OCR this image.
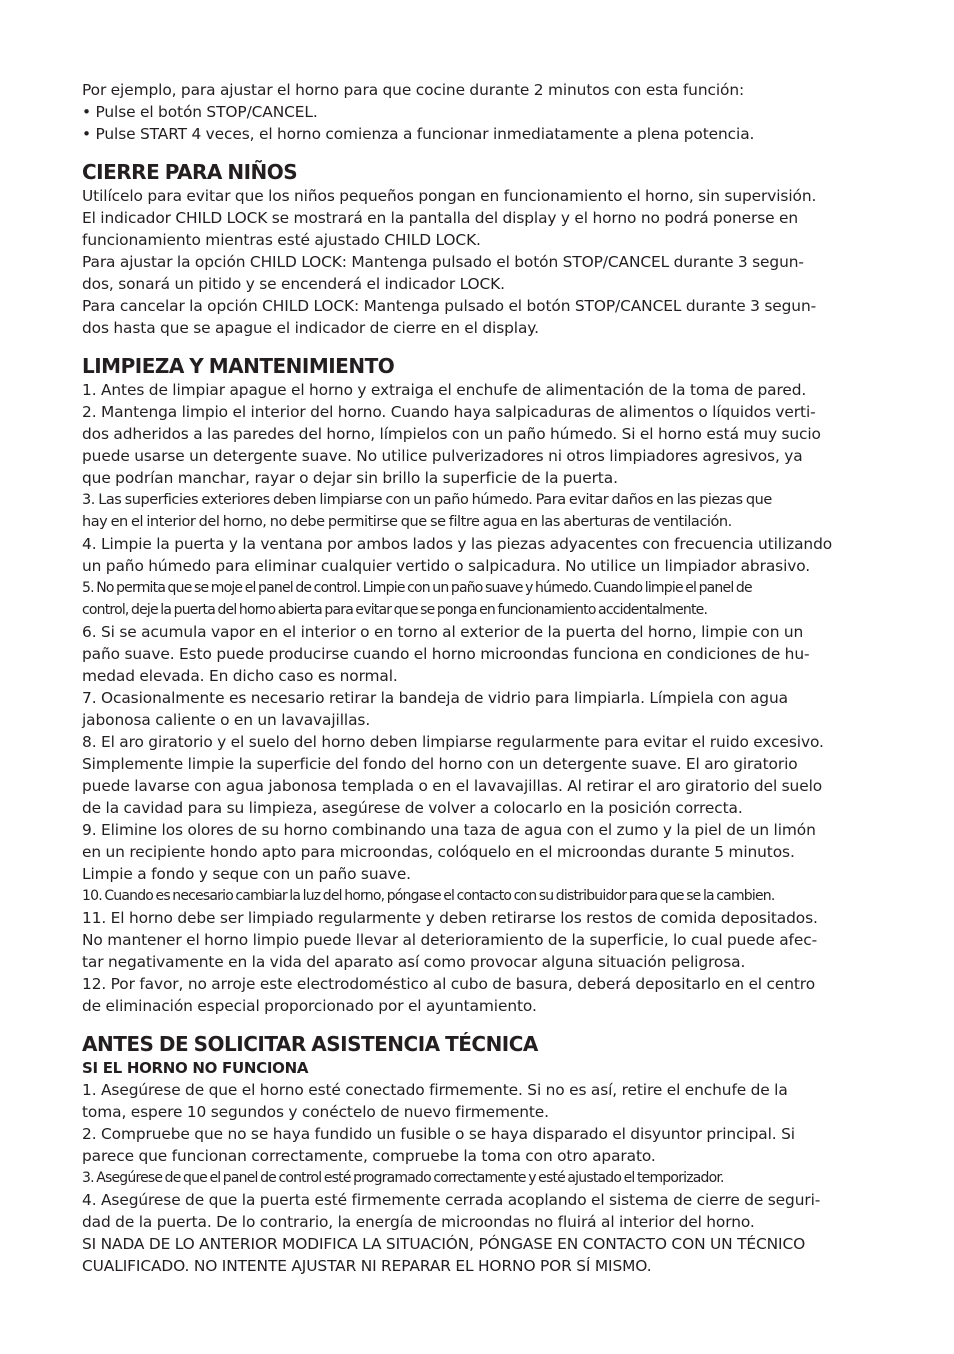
Por ejemplo, para ajustar el horno para que cocine durante 2 minutos con esta función:
• Pulse el botón STOP/CANCEL.
• Pulse START 4 veces, el horno comienza a funcionar inmediatamente a plena potencia.
CIERRE PARA NIÑOS
Utilícelo para evitar que los niños pequeños pongan en funcionamiento el horno, sin supervisión.
El indicador CHILD LOCK se mostrará en la pantalla del display y el horno no podrá ponerse en
funcionamiento mientras esté ajustado CHILD LOCK.
Para ajustar la opción CHILD LOCK: Mantenga pulsado el botón STOP/CANCEL durante 3 segun-
dos, sonará un pitido y se encenderá el indicador LOCK.
Para cancelar la opción CHILD LOCK: Mantenga pulsado el botón STOP/CANCEL durante 3 segun-
dos hasta que se apague el indicador de cierre en el display.
LIMPIEZA Y MANTENIMIENTO
1. Antes de limpiar apague el horno y extraiga el enchufe de alimentación de la toma de pared.
2. Mantenga limpio el interior del horno. Cuando haya salpicaduras de alimentos o líquidos verti-
dos adheridos a las paredes del horno, límpielos con un paño húmedo. Si el horno está muy sucio
puede usarse un detergente suave. No utilice pulverizadores ni otros limpiadores agresivos, ya
que podrían manchar, rayar o dejar sin brillo la superficie de la puerta.
3. Las superficies exteriores deben limpiarse con un paño húmedo. Para evitar daños en las piezas que
hay en el interior del horno, no debe permitirse que se filtre agua en las aberturas de ventilación.
4. Limpie la puerta y la ventana por ambos lados y las piezas adyacentes con frecuencia utilizando
un paño húmedo para eliminar cualquier vertido o salpicadura. No utilice un limpiador abrasivo.
5. No permita que se moje el panel de control. Limpie con un paño suave y húmedo. Cuando limpie el panel de
control, deje la puerta del horno abierta para evitar que se ponga en funcionamiento accidentalmente.
6. Si se acumula vapor en el interior o en torno al exterior de la puerta del horno, limpie con un
paño suave. Esto puede producirse cuando el horno microondas funciona en condiciones de hu-
medad elevada. En dicho caso es normal.
7. Ocasionalmente es necesario retirar la bandeja de vidrio para limpiarla. Límpiela con agua
jabonosa caliente o en un lavavajillas.
8. El aro giratorio y el suelo del horno deben limpiarse regularmente para evitar el ruido excesivo.
Simplemente limpie la superficie del fondo del horno con un detergente suave. El aro giratorio
puede lavarse con agua jabonosa templada o en el lavavajillas. Al retirar el aro giratorio del suelo
de la cavidad para su limpieza, asegúrese de volver a colocarlo en la posición correcta.
9. Elimine los olores de su horno combinando una taza de agua con el zumo y la piel de un limón
en un recipiente hondo apto para microondas, colóquelo en el microondas durante 5 minutos.
Limpie a fondo y seque con un paño suave.
10. Cuando es necesario cambiar la luz del horno, póngase el contacto con su distribuidor para que se la cambien.
11. El horno debe ser limpiado regularmente y deben retirarse los restos de comida depositados.
No mantener el horno limpio puede llevar al deterioramiento de la superficie, lo cual puede afec-
tar negativamente en la vida del aparato así como provocar alguna situación peligrosa.
12. Por favor, no arroje este electrodoméstico al cubo de basura, deberá depositarlo en el centro
de eliminación especial proporcionado por el ayuntamiento.
ANTES DE SOLICITAR ASISTENCIA TÉCNICA
SI EL HORNO NO FUNCIONA
1. Asegúrese de que el horno esté conectado firmemente. Si no es así, retire el enchufe de la
toma, espere 10 segundos y conéctelo de nuevo firmemente.
2. Compruebe que no se haya fundido un fusible o se haya disparado el disyuntor principal. Si
parece que funcionan correctamente, compruebe la toma con otro aparato.
3. Asegúrese de que el panel de control esté programado correctamente y esté ajustado el temporizador.
4. Asegúrese de que la puerta esté firmemente cerrada acoplando el sistema de cierre de seguri-
dad de la puerta. De lo contrario, la energía de microondas no fluirá al interior del horno.
SI NADA DE LO ANTERIOR MODIFICA LA SITUACIÓN, PÓNGASE EN CONTACTO CON UN TÉCNICO
CUALIFICADO. NO INTENTE AJUSTAR NI REPARAR EL HORNO POR SÍ MISMO.
